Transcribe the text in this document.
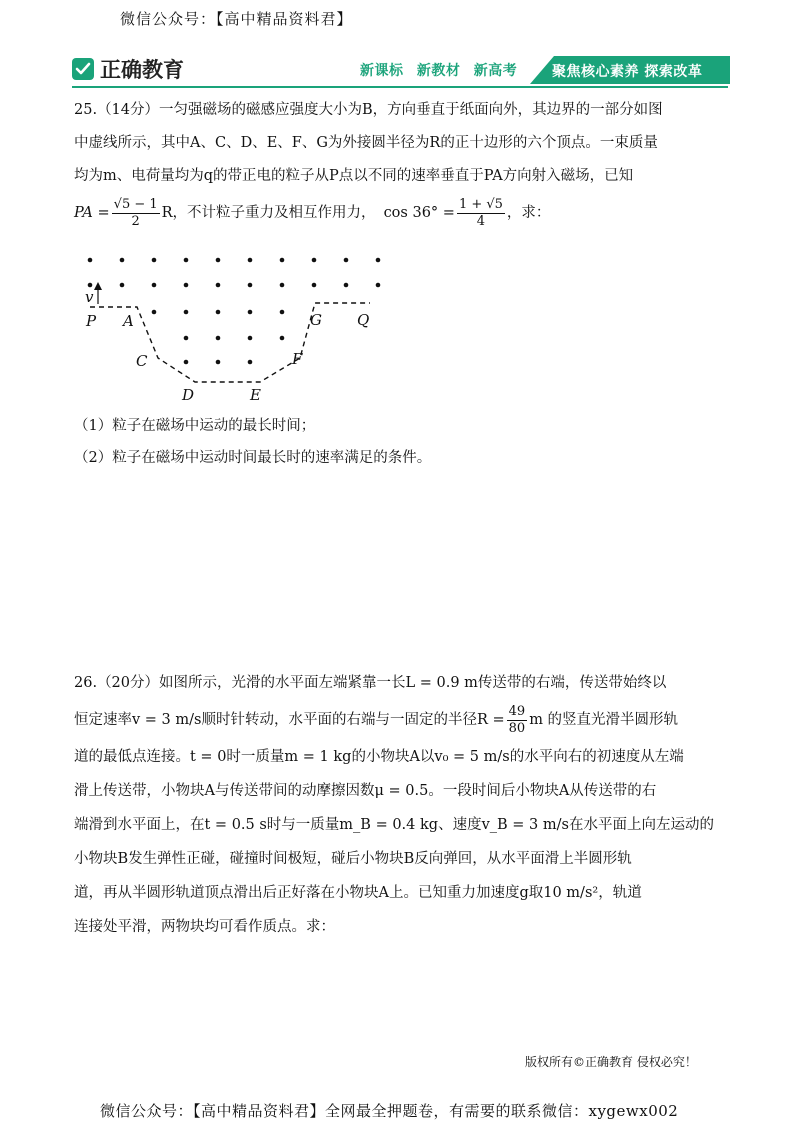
微信公众号：【高中精品资料君】
正确教育	新课标 新教材 新高考	聚焦核心素养 探索改革
25.（14分）一匀强磁场的磁感应强度大小为B，方向垂直于纸面向外，其边界的一部分如图
中虚线所示，其中A、C、D、E、F、G为外接圆半径为R的正十边形的六个顶点。一束质量
均为m、电荷量均为q的带正电的粒子从P点以不同的速率垂直于PA方向射入磁场，已知
PA = $\frac{√5 - 1}{2}$ R，不计粒子重力及相互作用力， $\cos 36^\circ = \frac{1 + √5}{4}$ ，求：
v
P A
C
D	E
F
G Q
（1）粒子在磁场中运动的最长时间；
（2）粒子在磁场中运动时间最长时的速率满足的条件。
26.（20分）如图所示，光滑的水平面左端紧靠一长L = 0.9 m传送带的右端，传送带始终以
恒定速率v = 3 m/s顺时针转动，水平面的右端与一固定的半径$R = \frac{49}{80}$ m 的竖直光滑半圆形轨
道的最低点连接。t = 0时一质量m = 1 kg的小物块A以v₀ = 5 m/s的水平向右的初速度从左端
滑上传送带，小物块A与传送带间的动摩擦因数μ = 0.5。一段时间后小物块A从传送带的右
端滑到水平面上，在t = 0.5 s时与一质量m_B = 0.4 kg、速度v_B = 3 m/s在水平面上向左运动的
小物块B发生弹性正碰，碰撞时间极短，碰后小物块B反向弹回，从水平面滑上半圆形轨
道，再从半圆形轨道顶点滑出后正好落在小物块A上。已知重力加速度g取10 m/s²，轨道
连接处平滑，两物块均可看作质点。求：
版权所有©正确教育 侵权必究！
微信公众号：【高中精品资料君】全网最全押题卷，有需要的联系微信：xygewx002
